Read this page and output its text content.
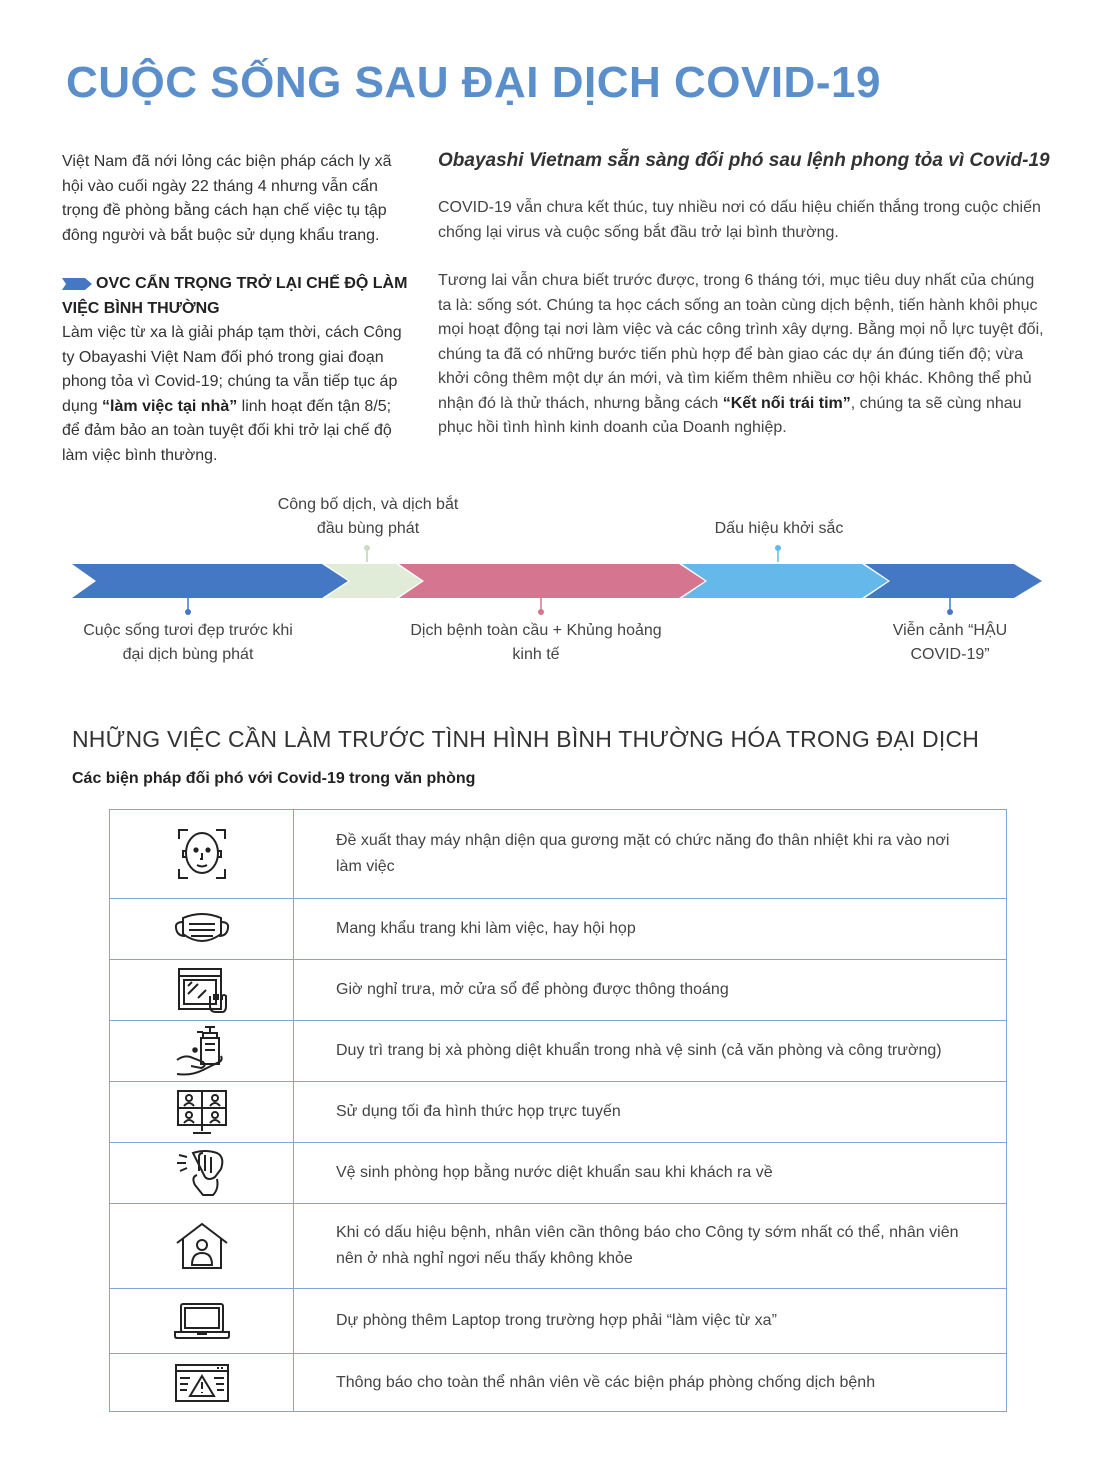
CUỘC SỐNG SAU ĐẠI DỊCH COVID-19

Việt Nam đã nới lỏng các biện pháp cách ly xã hội vào cuối ngày 22 tháng 4 nhưng vẫn cẩn trọng đề phòng bằng cách hạn chế việc tụ tập đông người và bắt buộc sử dụng khẩu trang.

OVC CẨN TRỌNG TRỞ LẠI CHẾ ĐỘ LÀM VIỆC BÌNH THƯỜNG

Làm việc từ xa là giải pháp tạm thời, cách Công ty Obayashi Việt Nam đối phó trong giai đoạn phong tỏa vì Covid-19; chúng ta vẫn tiếp tục áp dụng “làm việc tại nhà” linh hoạt đến tận 8/5; để đảm bảo an toàn tuyệt đối khi trở lại chế độ làm việc bình thường.

Obayashi Vietnam sẵn sàng đối phó sau lệnh phong tỏa vì Covid-19

COVID-19 vẫn chưa kết thúc, tuy nhiều nơi có dấu hiệu chiến thắng trong cuộc chiến chống lại virus và cuộc sống bắt đầu trở lại bình thường.

Tương lai vẫn chưa biết trước được, trong 6 tháng tới, mục tiêu duy nhất của chúng ta là: sống sót. Chúng ta học cách sống an toàn cùng dịch bệnh, tiến hành khôi phục mọi hoạt động tại nơi làm việc và các công trình xây dựng. Bằng mọi nỗ lực tuyệt đối, chúng ta đã có những bước tiến phù hợp để bàn giao các dự án đúng tiến độ; vừa khởi công thêm một dự án mới, và tìm kiếm thêm nhiều cơ hội khác. Không thể phủ nhận đó là thử thách, nhưng bằng cách “Kết nối trái tim”, chúng ta sẽ cùng nhau phục hồi tình hình kinh doanh của Doanh nghiệp.

Công bố dịch, và dịch bắt đầu bùng phát	Dấu hiệu khởi sắc
Cuộc sống tươi đẹp trước khi đại dịch bùng phát
Dịch bệnh toàn cầu + Khủng hoảng kinh tế
Viễn cảnh “HẬU COVID-19”
NHỮNG VIỆC CẦN LÀM TRƯỚC TÌNH HÌNH BÌNH THƯỜNG HÓA TRONG ĐẠI DỊCH
Các biện pháp đối phó với Covid-19 trong văn phòng
	Đề xuất thay máy nhận diện qua gương mặt có chức năng đo thân nhiệt khi ra vào nơi làm việc

	Mang khẩu trang khi làm việc, hay hội họp

	Giờ nghỉ trưa, mở cửa sổ để phòng được thông thoáng

	Duy trì trang bị xà phòng diệt khuẩn trong nhà vệ sinh (cả văn phòng và công trường)

	Sử dụng tối đa hình thức họp trực tuyến

	Vệ sinh phòng họp bằng nước diệt khuẩn sau khi khách ra về

	Khi có dấu hiệu bệnh, nhân viên cần thông báo cho Công ty sớm nhất có thể, nhân viên nên ở nhà nghỉ ngơi nếu thấy không khỏe

	Dự phòng thêm Laptop trong trường hợp phải “làm việc từ xa”

	Thông báo cho toàn thể nhân viên về các biện pháp phòng chống dịch bệnh
